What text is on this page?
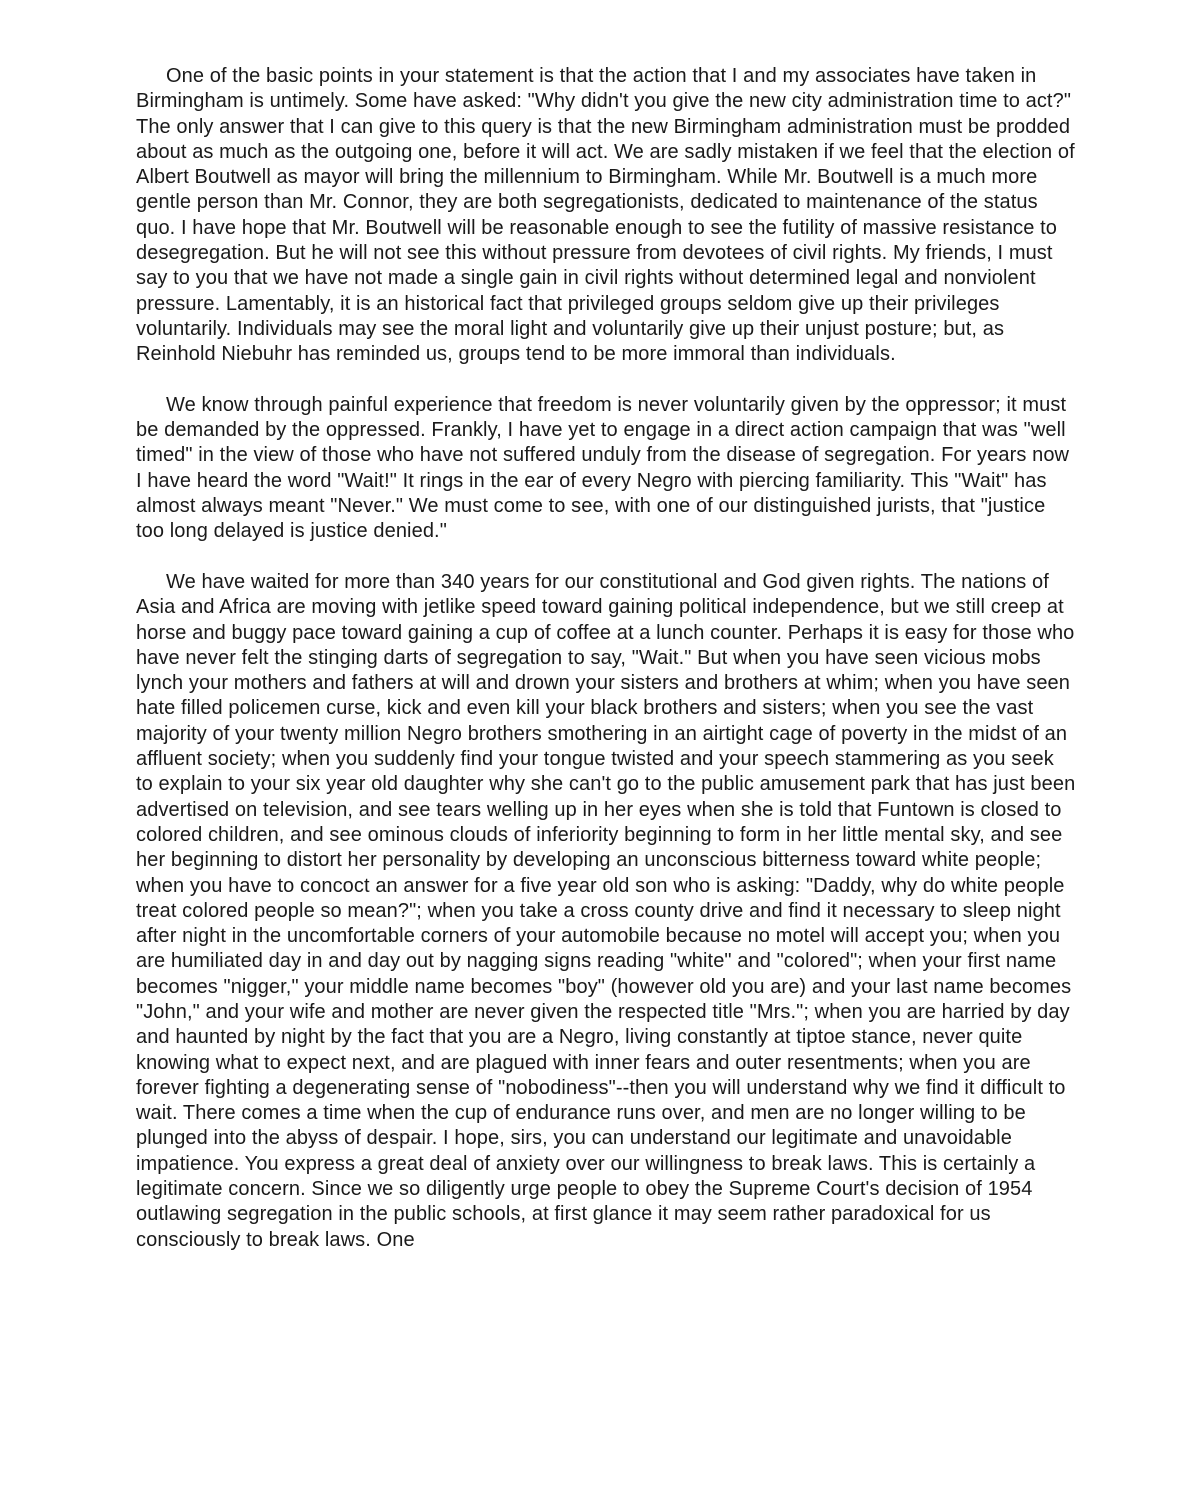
One of the basic points in your statement is that the action that I and my associates have taken in Birmingham is untimely. Some have asked: "Why didn't you give the new city administration time to act?" The only answer that I can give to this query is that the new Birmingham administration must be prodded about as much as the outgoing one, before it will act. We are sadly mistaken if we feel that the election of Albert Boutwell as mayor will bring the millennium to Birmingham. While Mr. Boutwell is a much more gentle person than Mr. Connor, they are both segregationists, dedicated to maintenance of the status quo. I have hope that Mr. Boutwell will be reasonable enough to see the futility of massive resistance to desegregation. But he will not see this without pressure from devotees of civil rights. My friends, I must say to you that we have not made a single gain in civil rights without determined legal and nonviolent pressure. Lamentably, it is an historical fact that privileged groups seldom give up their privileges voluntarily. Individuals may see the moral light and voluntarily give up their unjust posture; but, as Reinhold Niebuhr has reminded us, groups tend to be more immoral than individuals.

We know through painful experience that freedom is never voluntarily given by the oppressor; it must be demanded by the oppressed. Frankly, I have yet to engage in a direct action campaign that was "well timed" in the view of those who have not suffered unduly from the disease of segregation. For years now I have heard the word "Wait!" It rings in the ear of every Negro with piercing familiarity. This "Wait" has almost always meant "Never." We must come to see, with one of our distinguished jurists, that "justice too long delayed is justice denied."

We have waited for more than 340 years for our constitutional and God given rights. The nations of Asia and Africa are moving with jetlike speed toward gaining political independence, but we still creep at horse and buggy pace toward gaining a cup of coffee at a lunch counter. Perhaps it is easy for those who have never felt the stinging darts of segregation to say, "Wait." But when you have seen vicious mobs lynch your mothers and fathers at will and drown your sisters and brothers at whim; when you have seen hate filled policemen curse, kick and even kill your black brothers and sisters; when you see the vast majority of your twenty million Negro brothers smothering in an airtight cage of poverty in the midst of an affluent society; when you suddenly find your tongue twisted and your speech stammering as you seek to explain to your six year old daughter why she can't go to the public amusement park that has just been advertised on television, and see tears welling up in her eyes when she is told that Funtown is closed to colored children, and see ominous clouds of inferiority beginning to form in her little mental sky, and see her beginning to distort her personality by developing an unconscious bitterness toward white people; when you have to concoct an answer for a five year old son who is asking: "Daddy, why do white people treat colored people so mean?"; when you take a cross county drive and find it necessary to sleep night after night in the uncomfortable corners of your automobile because no motel will accept you; when you are humiliated day in and day out by nagging signs reading "white" and "colored"; when your first name becomes "nigger," your middle name becomes "boy" (however old you are) and your last name becomes "John," and your wife and mother are never given the respected title "Mrs."; when you are harried by day and haunted by night by the fact that you are a Negro, living constantly at tiptoe stance, never quite knowing what to expect next, and are plagued with inner fears and outer resentments; when you are forever fighting a degenerating sense of "nobodiness"--then you will understand why we find it difficult to wait. There comes a time when the cup of endurance runs over, and men are no longer willing to be plunged into the abyss of despair. I hope, sirs, you can understand our legitimate and unavoidable impatience. You express a great deal of anxiety over our willingness to break laws. This is certainly a legitimate concern. Since we so diligently urge people to obey the Supreme Court's decision of 1954 outlawing segregation in the public schools, at first glance it may seem rather paradoxical for us consciously to break laws. One
